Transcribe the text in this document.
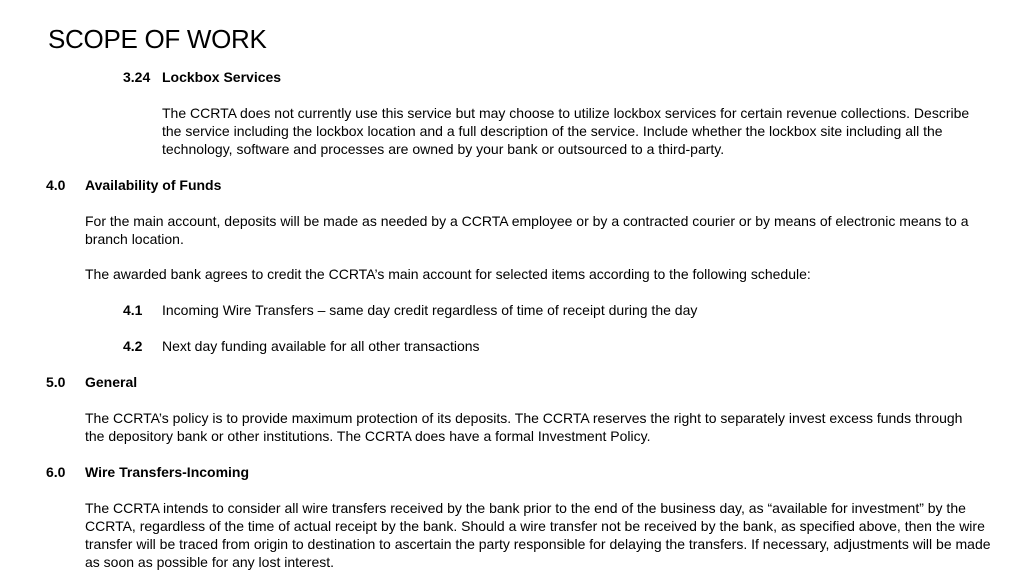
SCOPE OF WORK
3.24 Lockbox Services
The CCRTA does not currently use this service but may choose to utilize lockbox services for certain revenue collections. Describe the service including the lockbox location and a full description of the service. Include whether the lockbox site including all the technology, software and processes are owned by your bank or outsourced to a third-party.
4.0 Availability of Funds
For the main account, deposits will be made as needed by a CCRTA employee or by a contracted courier or by means of electronic means to a branch location.
The awarded bank agrees to credit the CCRTA’s main account for selected items according to the following schedule:
4.1 Incoming Wire Transfers – same day credit regardless of time of receipt during the day
4.2 Next day funding available for all other transactions
5.0 General
The CCRTA’s policy is to provide maximum protection of its deposits. The CCRTA reserves the right to separately invest excess funds through the depository bank or other institutions. The CCRTA does have a formal Investment Policy.
6.0 Wire Transfers-Incoming
The CCRTA intends to consider all wire transfers received by the bank prior to the end of the business day, as “available for investment” by the CCRTA, regardless of the time of actual receipt by the bank. Should a wire transfer not be received by the bank, as specified above, then the wire transfer will be traced from origin to destination to ascertain the party responsible for delaying the transfers. If necessary, adjustments will be made as soon as possible for any lost interest.
